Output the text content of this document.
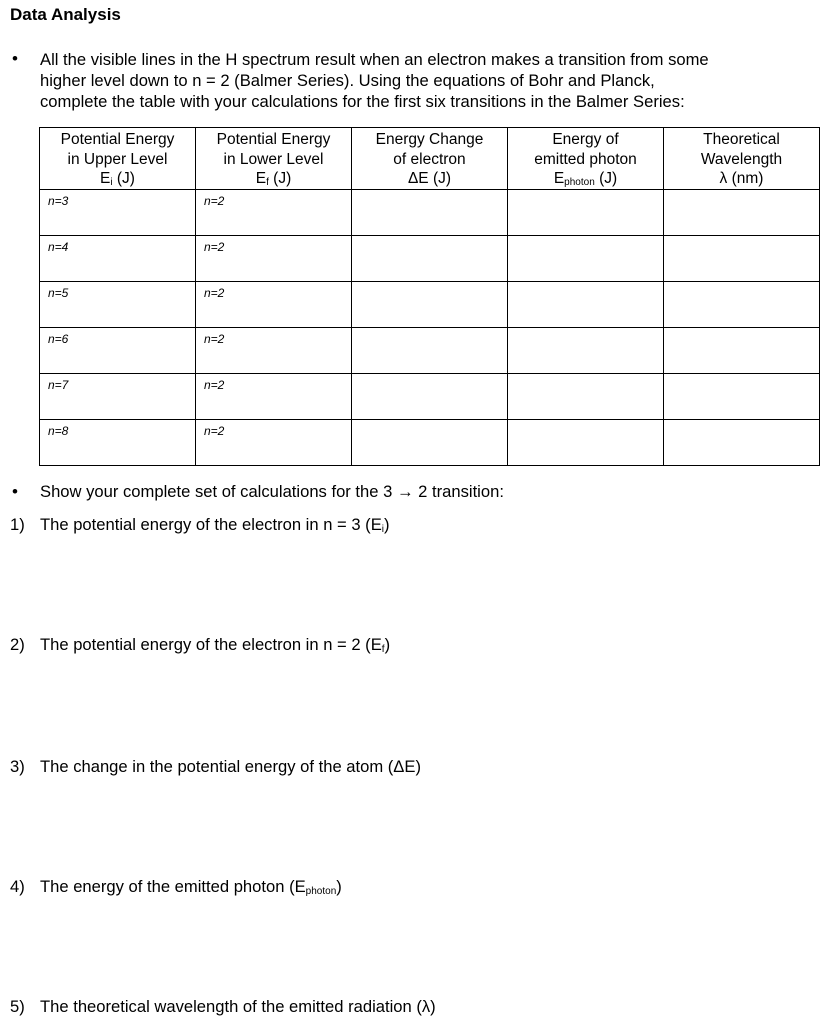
Data Analysis
• All the visible lines in the H spectrum result when an electron makes a transition from some
higher level down to n = 2 (Balmer Series). Using the equations of Bohr and Planck,
complete the table with your calculations for the first six transitions in the Balmer Series:
Potential Energy
in Upper Level
$E_i$ (J)	Potential Energy
in Lower Level
$E_f$ (J)	Energy Change
of electron
ΔE (J)	Energy of
emitted photon
$E_{photon}$ (J)	Theoretical
Wavelength
λ (nm)

n=3	n=2			
n=4	n=2			
n=5	n=2			
n=6	n=2			
n=7	n=2			
n=8	n=2			
• Show your complete set of calculations for the 3 → 2 transition:
1) The potential energy of the electron in n = 3 $(E_i)$
2) The potential energy of the electron in n = 2 $(E_f)$
3) The change in the potential energy of the atom (ΔE)
4) The energy of the emitted photon $(E_{photon})$
5) The theoretical wavelength of the emitted radiation (λ)
